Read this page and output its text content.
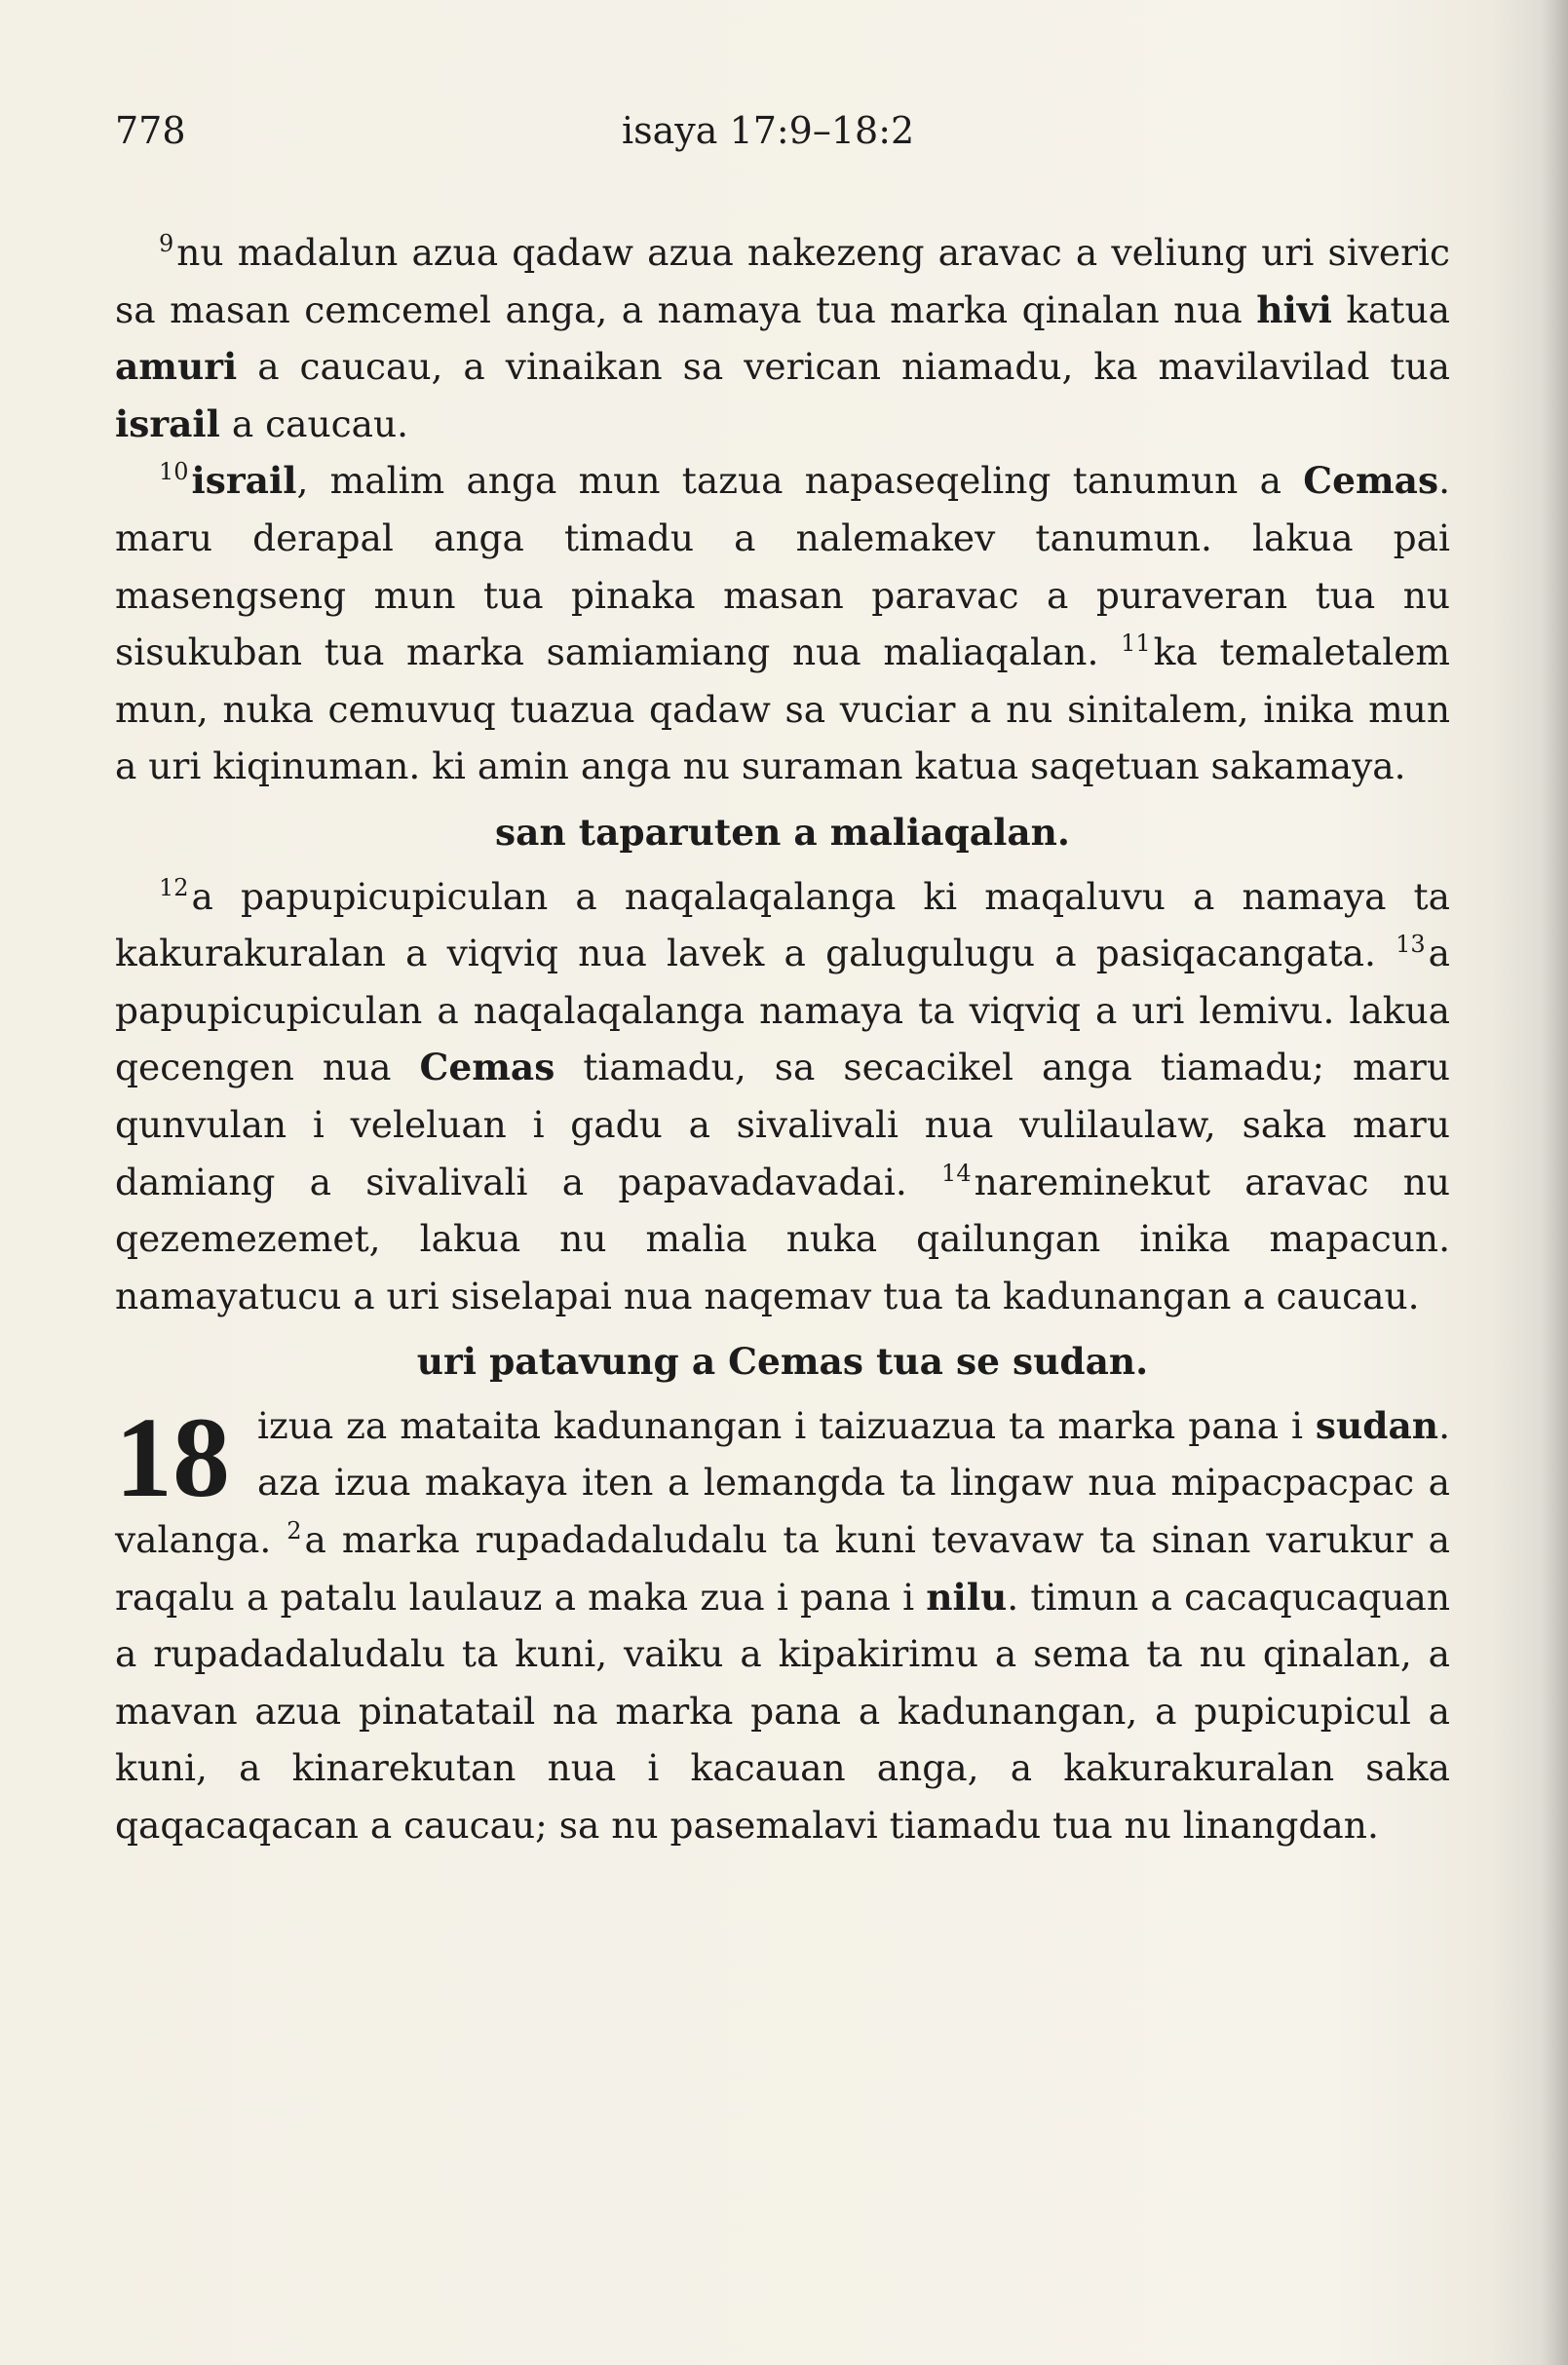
778	isaya 17:9–18:2

$^9$nu madalun azua qadaw azua nakezeng aravac a veliung uri siveric sa masan cemcemel anga, a namaya tua marka qinalan nua hivi katua amuri a caucau, a vinaikan sa verican niamadu, ka mavilavilad tua israil a caucau.

$^{10}$israil, malim anga mun tazua napaseqeling tanumun a Cemas. maru derapal anga timadu a nalemakev tanumun. lakua pai masengseng mun tua pinaka masan paravac a puraveran tua nu sisukuban tua marka samiamiang nua maliaqalan. $^{11}$ka temaletalem mun, nuka cemuvuq tuazua qadaw sa vuciar a nu sinitalem, inika mun a uri kiqinuman. ki amin anga nu suraman katua saqetuan sakamaya.

san taparuten a maliaqalan.

$^{12}$a papupicupiculan a naqalaqalanga ki maqaluvu a namaya ta kakurakuralan a viqviq nua lavek a galugulugu a pasiqacangata. $^{13}$a papupicupiculan a naqalaqalanga namaya ta viqviq a uri lemivu. lakua qecengen nua Cemas tiamadu, sa secacikel anga tiamadu; maru qunvulan i veleluan i gadu a sivalivali nua vulilaulaw, saka maru damiang a sivalivali a papavadavadai. $^{14}$nareminekut aravac nu qezemezemet, lakua nu malia nuka qailungan inika mapacun. namayatucu a uri siselapai nua naqemav tua ta kadunangan a caucau.

uri patavung a Cemas tua se sudan.

18 izua za mataita kadunangan i taizuazua ta marka pana i sudan. aza izua makaya iten a lemangda ta lingaw nua mipacpacpac a valanga. $^2$a marka rupadadaludalu ta kuni tevavaw ta sinan varukur a raqalu a patalu laulauz a maka zua i pana i nilu. timun a cacaqucaquan a rupadadaludalu ta kuni, vaiku a kipakirimu a sema ta nu qinalan, a mavan azua pinatatail na marka pana a kadunangan, a pupicupicul a kuni, a kinarekutan nua i kacauan anga, a kakurakuralan saka qaqacaqacan a caucau; sa nu pasemalavi tiamadu tua nu linangdan.
